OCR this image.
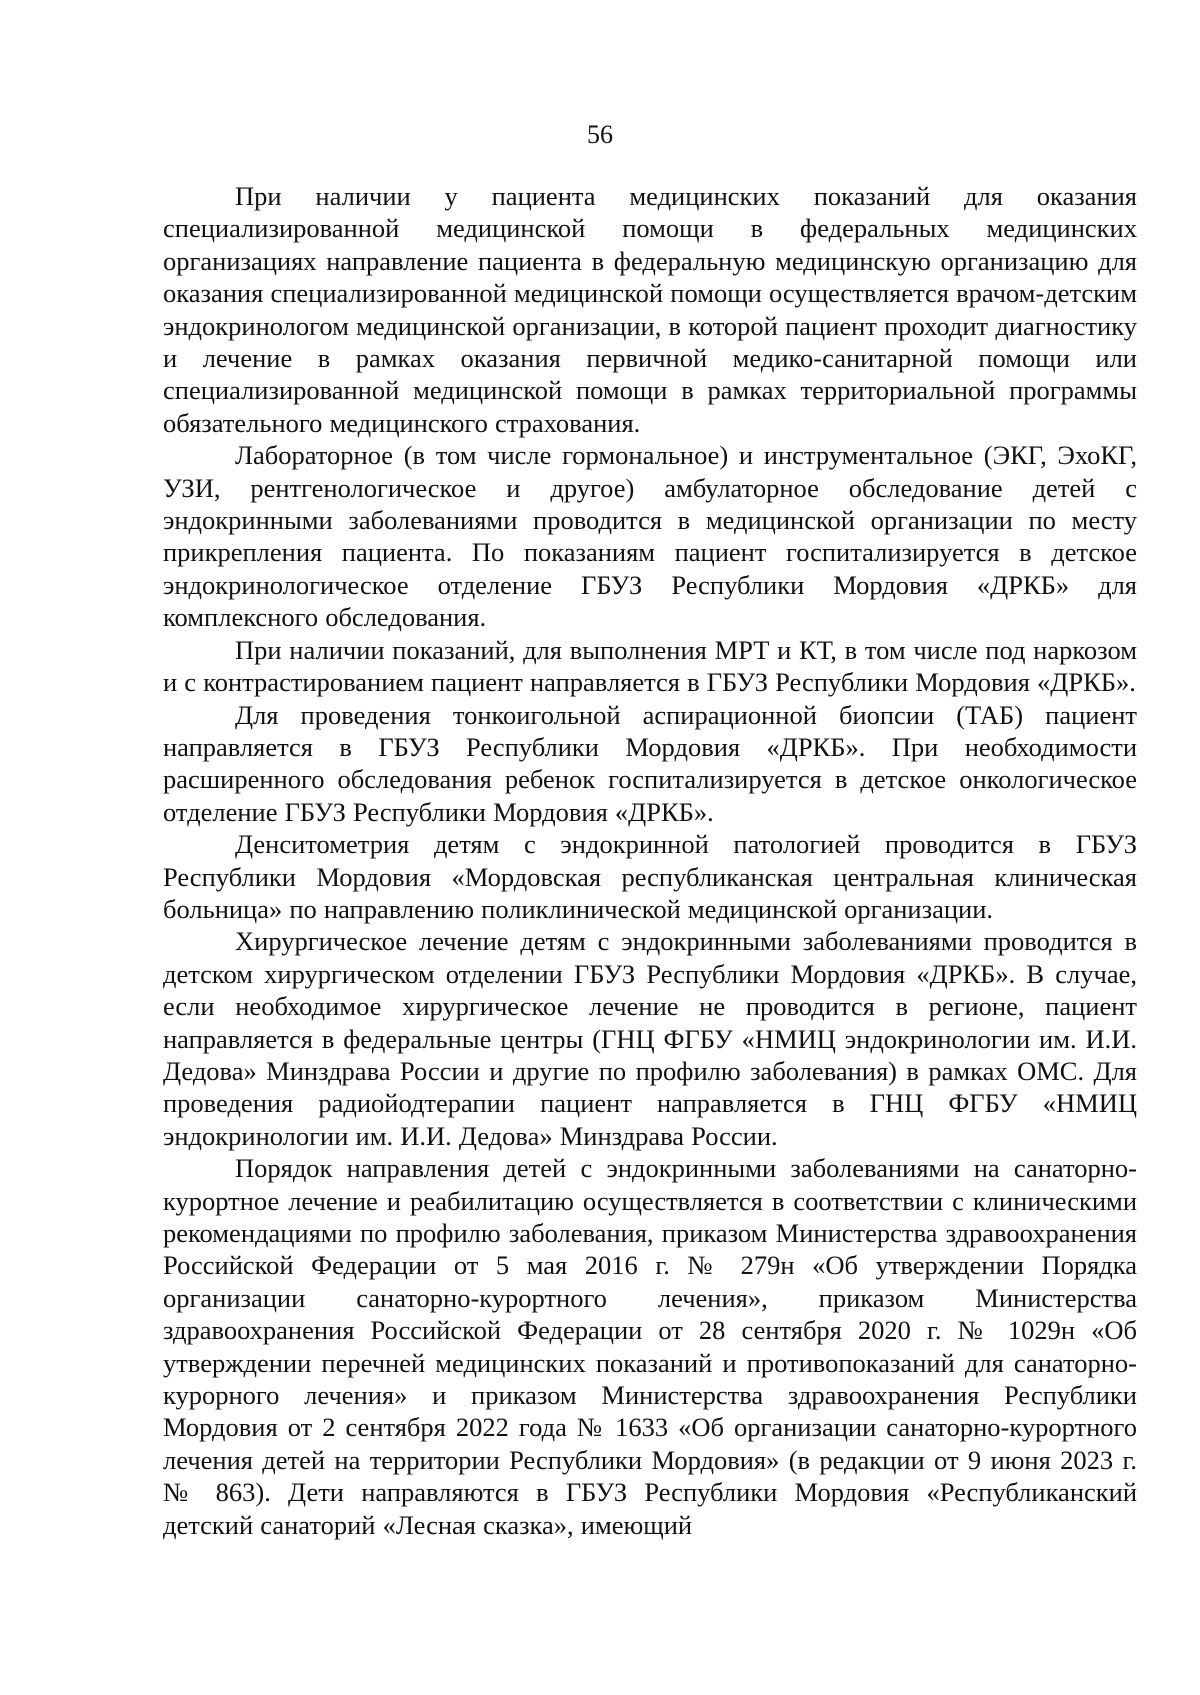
56

При наличии у пациента медицинских показаний для оказания специализированной медицинской помощи в федеральных медицинских организациях направление пациента в федеральную медицинскую организацию для оказания специализированной медицинской помощи осуществляется врачом-детским эндокринологом медицинской организации, в которой пациент проходит диагностику и лечение в рамках оказания первичной медико-санитарной помощи или специализированной медицинской помощи в рамках территориальной программы обязательного медицинского страхования.

Лабораторное (в том числе гормональное) и инструментальное (ЭКГ, ЭхоКГ, УЗИ, рентгенологическое и другое) амбулаторное обследование детей с эндокринными заболеваниями проводится в медицинской организации по месту прикрепления пациента. По показаниям пациент госпитализируется в детское эндокринологическое отделение ГБУЗ Республики Мордовия «ДРКБ» для комплексного обследования.

При наличии показаний, для выполнения МРТ и КТ, в том числе под наркозом и с контрастированием пациент направляется в ГБУЗ Республики Мордовия «ДРКБ».

Для проведения тонкоигольной аспирационной биопсии (ТАБ) пациент направляется в ГБУЗ Республики Мордовия «ДРКБ». При необходимости расширенного обследования ребенок госпитализируется в детское онкологическое отделение ГБУЗ Республики Мордовия «ДРКБ».

Денситометрия детям с эндокринной патологией проводится в ГБУЗ Республики Мордовия «Мордовская республиканская центральная клиническая больница» по направлению поликлинической медицинской организации.

Хирургическое лечение детям с эндокринными заболеваниями проводится в детском хирургическом отделении ГБУЗ Республики Мордовия «ДРКБ». В случае, если необходимое хирургическое лечение не проводится в регионе, пациент направляется в федеральные центры (ГНЦ ФГБУ «НМИЦ эндокринологии им. И.И. Дедова» Минздрава России и другие по профилю заболевания) в рамках ОМС. Для проведения радиойодтерапии пациент направляется в ГНЦ ФГБУ «НМИЦ эндокринологии им. И.И. Дедова» Минздрава России.

Порядок направления детей с эндокринными заболеваниями на санаторно-курортное лечение и реабилитацию осуществляется в соответствии с клиническими рекомендациями по профилю заболевания, приказом Министерства здравоохранения Российской Федерации от 5 мая 2016 г. № 279н «Об утверждении Порядка организации санаторно-курортного лечения», приказом Министерства здравоохранения Российской Федерации от 28 сентября 2020 г. № 1029н «Об утверждении перечней медицинских показаний и противопоказаний для санаторно-курорного лечения» и приказом Министерства здравоохранения Республики Мордовия от 2 сентября 2022 года № 1633 «Об организации санаторно-курортного лечения детей на территории Республики Мордовия» (в редакции от 9 июня 2023 г. № 863). Дети направляются в ГБУЗ Республики Мордовия «Республиканский детский санаторий «Лесная сказка», имеющий
